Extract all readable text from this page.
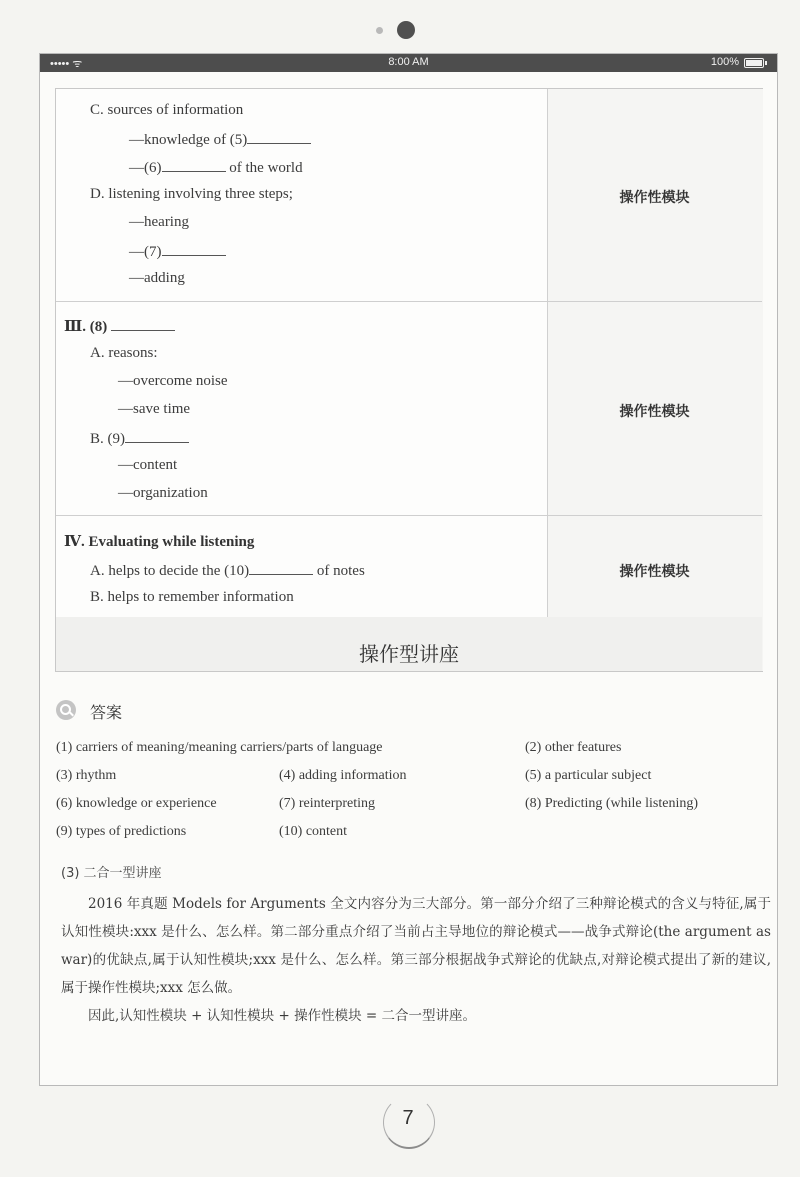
••••• ᯤ	8:00 AM	100%
操作型讲座
C. sources of information
—knowledge of (5)
—(6)	of the world
D. listening involving three steps;
—hearing
—(7)
—adding
操作性模块
Ⅲ. (8)
A. reasons:
—overcome noise
—save time
B. (9)
—content
—organization
操作性模块
Ⅳ. Evaluating while listening
A. helps to decide the (10)	of notes
B. helps to remember information
操作性模块
答案
(1) carriers of meaning/meaning carriers/parts of language	(2) other features
(3) rhythm	(4) adding information	(5) a particular subject
(6) knowledge or experience	(7) reinterpreting	(8) Predicting (while listening)
(9) types of predictions	(10) content
(3) 二合一型讲座
2016 年真题 Models for Arguments 全文内容分为三大部分。第一部分介绍了三种辩论模式的含义与特征,属于认知性模块:xxx 是什么、怎么样。第二部分重点介绍了当前占主导地位的辩论模式——战争式辩论(the argument as war)的优缺点,属于认知性模块;xxx 是什么、怎么样。第三部分根据战争式辩论的优缺点,对辩论模式提出了新的建议,属于操作性模块;xxx 怎么做。
因此,认知性模块 + 认知性模块 + 操作性模块 = 二合一型讲座。
7
